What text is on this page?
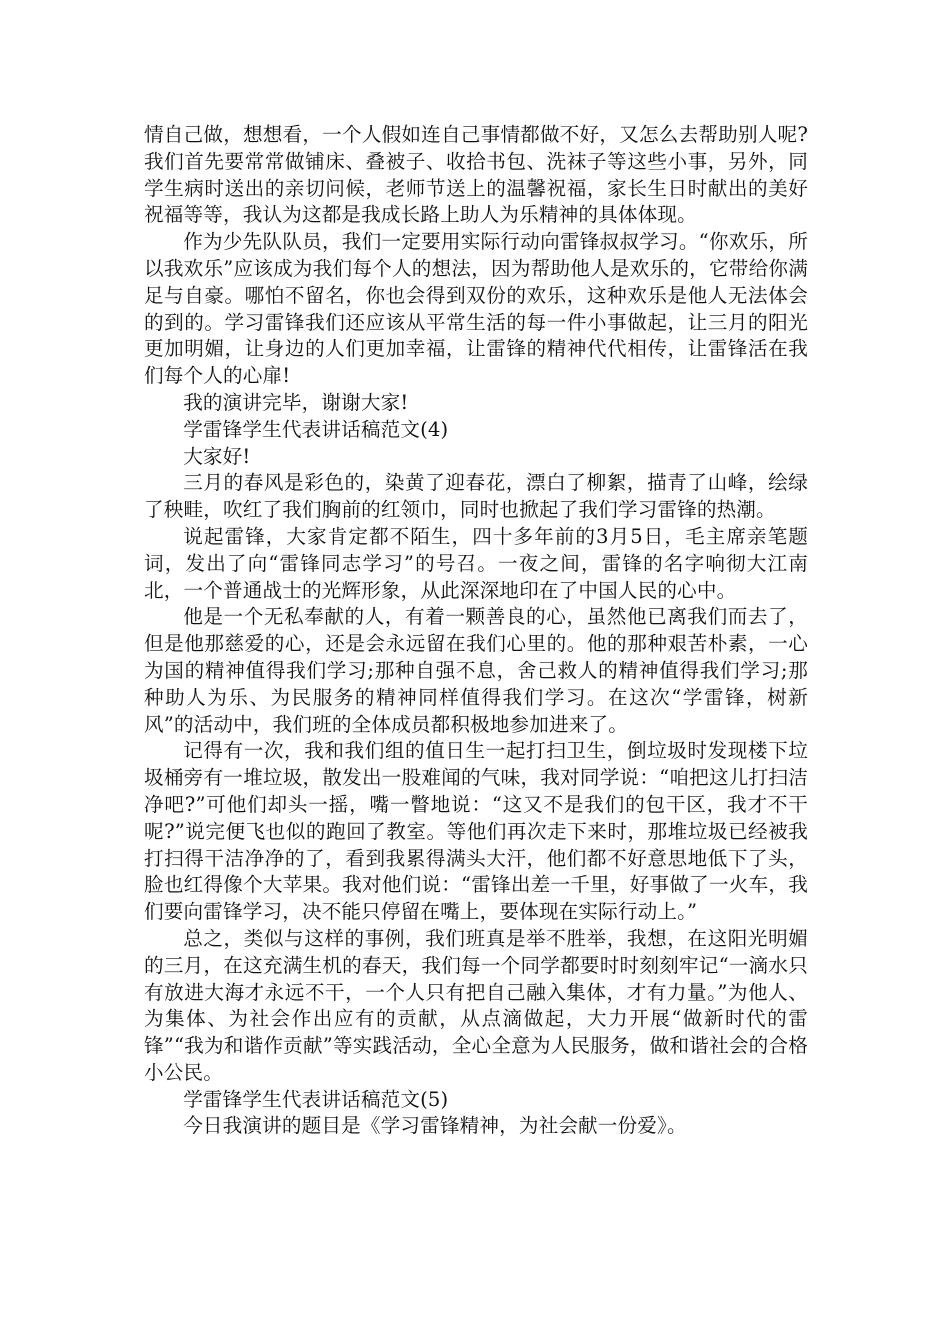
情自己做，想想看，一个人假如连自己事情都做不好，又怎么去帮助别人呢?我们首先要常常做铺床、叠被子、收拾书包、洗袜子等这些小事，另外，同学生病时送出的亲切问候，老师节送上的温馨祝福，家长生日时献出的美好祝福等等，我认为这都是我成长路上助人为乐精神的具体体现。

作为少先队队员，我们一定要用实际行动向雷锋叔叔学习。“你欢乐，所以我欢乐”应该成为我们每个人的想法，因为帮助他人是欢乐的，它带给你满足与自豪。哪怕不留名，你也会得到双份的欢乐，这种欢乐是他人无法体会的到的。学习雷锋我们还应该从平常生活的每一件小事做起，让三月的阳光更加明媚，让身边的人们更加幸福，让雷锋的精神代代相传，让雷锋活在我们每个人的心扉!

我的演讲完毕，谢谢大家!

学雷锋学生代表讲话稿范文(4)

大家好!

三月的春风是彩色的，染黄了迎春花，漂白了柳絮，描青了山峰，绘绿了秧畦，吹红了我们胸前的红领巾，同时也掀起了我们学习雷锋的热潮。

说起雷锋，大家肯定都不陌生，四十多年前的3月5日，毛主席亲笔题词，发出了向“雷锋同志学习”的号召。一夜之间，雷锋的名字响彻大江南北，一个普通战士的光辉形象，从此深深地印在了中国人民的心中。

他是一个无私奉献的人，有着一颗善良的心，虽然他已离我们而去了，但是他那慈爱的心，还是会永远留在我们心里的。他的那种艰苦朴素，一心为国的精神值得我们学习;那种自强不息，舍己救人的精神值得我们学习;那种助人为乐、为民服务的精神同样值得我们学习。在这次“学雷锋，树新风”的活动中，我们班的全体成员都积极地参加进来了。

记得有一次，我和我们组的值日生一起打扫卫生，倒垃圾时发现楼下垃圾桶旁有一堆垃圾，散发出一股难闻的气味，我对同学说：“咱把这儿打扫洁净吧?”可他们却头一摇，嘴一瞥地说：“这又不是我们的包干区，我才不干呢?”说完便飞也似的跑回了教室。等他们再次走下来时，那堆垃圾已经被我打扫得干洁净净的了，看到我累得满头大汗，他们都不好意思地低下了头，脸也红得像个大苹果。我对他们说：“雷锋出差一千里，好事做了一火车，我们要向雷锋学习，决不能只停留在嘴上，要体现在实际行动上。”

总之，类似与这样的事例，我们班真是举不胜举，我想，在这阳光明媚的三月，在这充满生机的春天，我们每一个同学都要时时刻刻牢记“一滴水只有放进大海才永远不干，一个人只有把自己融入集体，才有力量。”为他人、为集体、为社会作出应有的贡献，从点滴做起，大力开展“做新时代的雷锋”“我为和谐作贡献”等实践活动，全心全意为人民服务，做和谐社会的合格小公民。

学雷锋学生代表讲话稿范文(5)

今日我演讲的题目是《学习雷锋精神，为社会献一份爱》。
